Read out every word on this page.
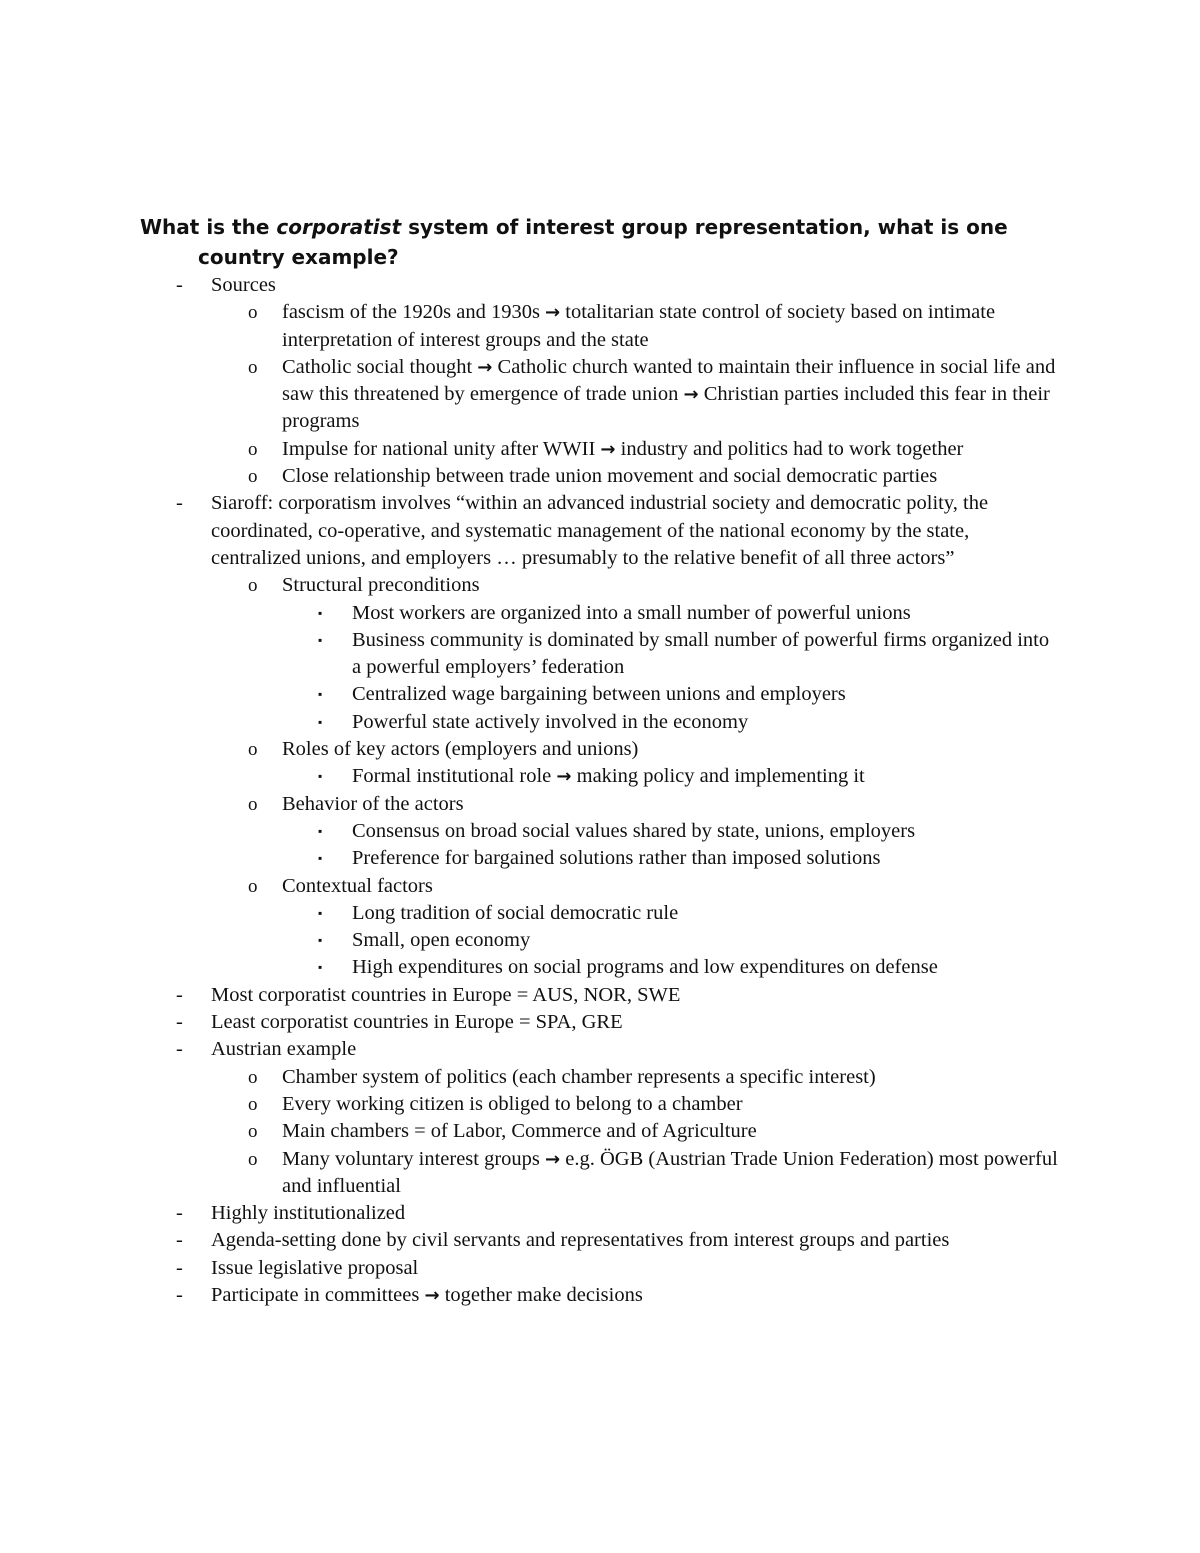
What is the corporatist system of interest group representation, what is one country example?
- Sources
o fascism of the 1920s and 1930s → totalitarian state control of society based on intimate interpretation of interest groups and the state
o Catholic social thought → Catholic church wanted to maintain their influence in social life and saw this threatened by emergence of trade union → Christian parties included this fear in their programs
o Impulse for national unity after WWII → industry and politics had to work together
o Close relationship between trade union movement and social democratic parties
- Siaroff: corporatism involves “within an advanced industrial society and democratic polity, the coordinated, co-operative, and systematic management of the national economy by the state, centralized unions, and employers … presumably to the relative benefit of all three actors”
o Structural preconditions
▪ Most workers are organized into a small number of powerful unions
▪ Business community is dominated by small number of powerful firms organized into a powerful employers’ federation
▪ Centralized wage bargaining between unions and employers
▪ Powerful state actively involved in the economy
o Roles of key actors (employers and unions)
▪ Formal institutional role → making policy and implementing it
o Behavior of the actors
▪ Consensus on broad social values shared by state, unions, employers
▪ Preference for bargained solutions rather than imposed solutions
o Contextual factors
▪ Long tradition of social democratic rule
▪ Small, open economy
▪ High expenditures on social programs and low expenditures on defense
- Most corporatist countries in Europe = AUS, NOR, SWE
- Least corporatist countries in Europe = SPA, GRE
- Austrian example
o Chamber system of politics (each chamber represents a specific interest)
o Every working citizen is obliged to belong to a chamber
o Main chambers = of Labor, Commerce and of Agriculture
o Many voluntary interest groups → e.g. ÖGB (Austrian Trade Union Federation) most powerful and influential
- Highly institutionalized
- Agenda-setting done by civil servants and representatives from interest groups and parties
- Issue legislative proposal
- Participate in committees → together make decisions
